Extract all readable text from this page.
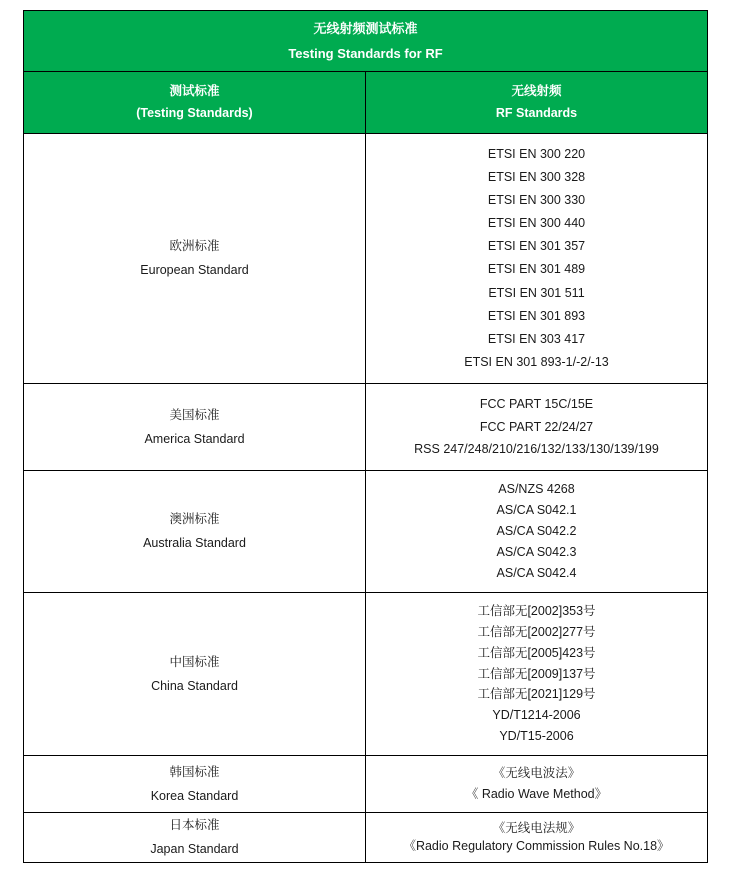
无线射频测试标准
Testing Standards for RF
测试标准
(Testing Standards)
无线射频
RF Standards
欧洲标准
European Standard
ETSI EN 300 220
ETSI EN 300 328
ETSI EN 300 330
ETSI EN 300 440
ETSI EN 301 357
ETSI EN 301 489
ETSI EN 301 511
ETSI EN 301 893
ETSI EN 303 417
ETSI EN 301 893-1/-2/-13
美国标准
America Standard
FCC PART 15C/15E
FCC PART 22/24/27
RSS 247/248/210/216/132/133/130/139/199
澳洲标准
Australia Standard
AS/NZS 4268
AS/CA S042.1
AS/CA S042.2
AS/CA S042.3
AS/CA S042.4
中国标准
China Standard
工信部无[2002]353号
工信部无[2002]277号
工信部无[2005]423号
工信部无[2009]137号
工信部无[2021]129号
YD/T1214-2006
YD/T15-2006
韩国标准
Korea Standard
《无线电波法》
《 Radio Wave Method》
日本标准
Japan Standard
《无线电法规》
《Radio Regulatory Commission Rules No.18》
